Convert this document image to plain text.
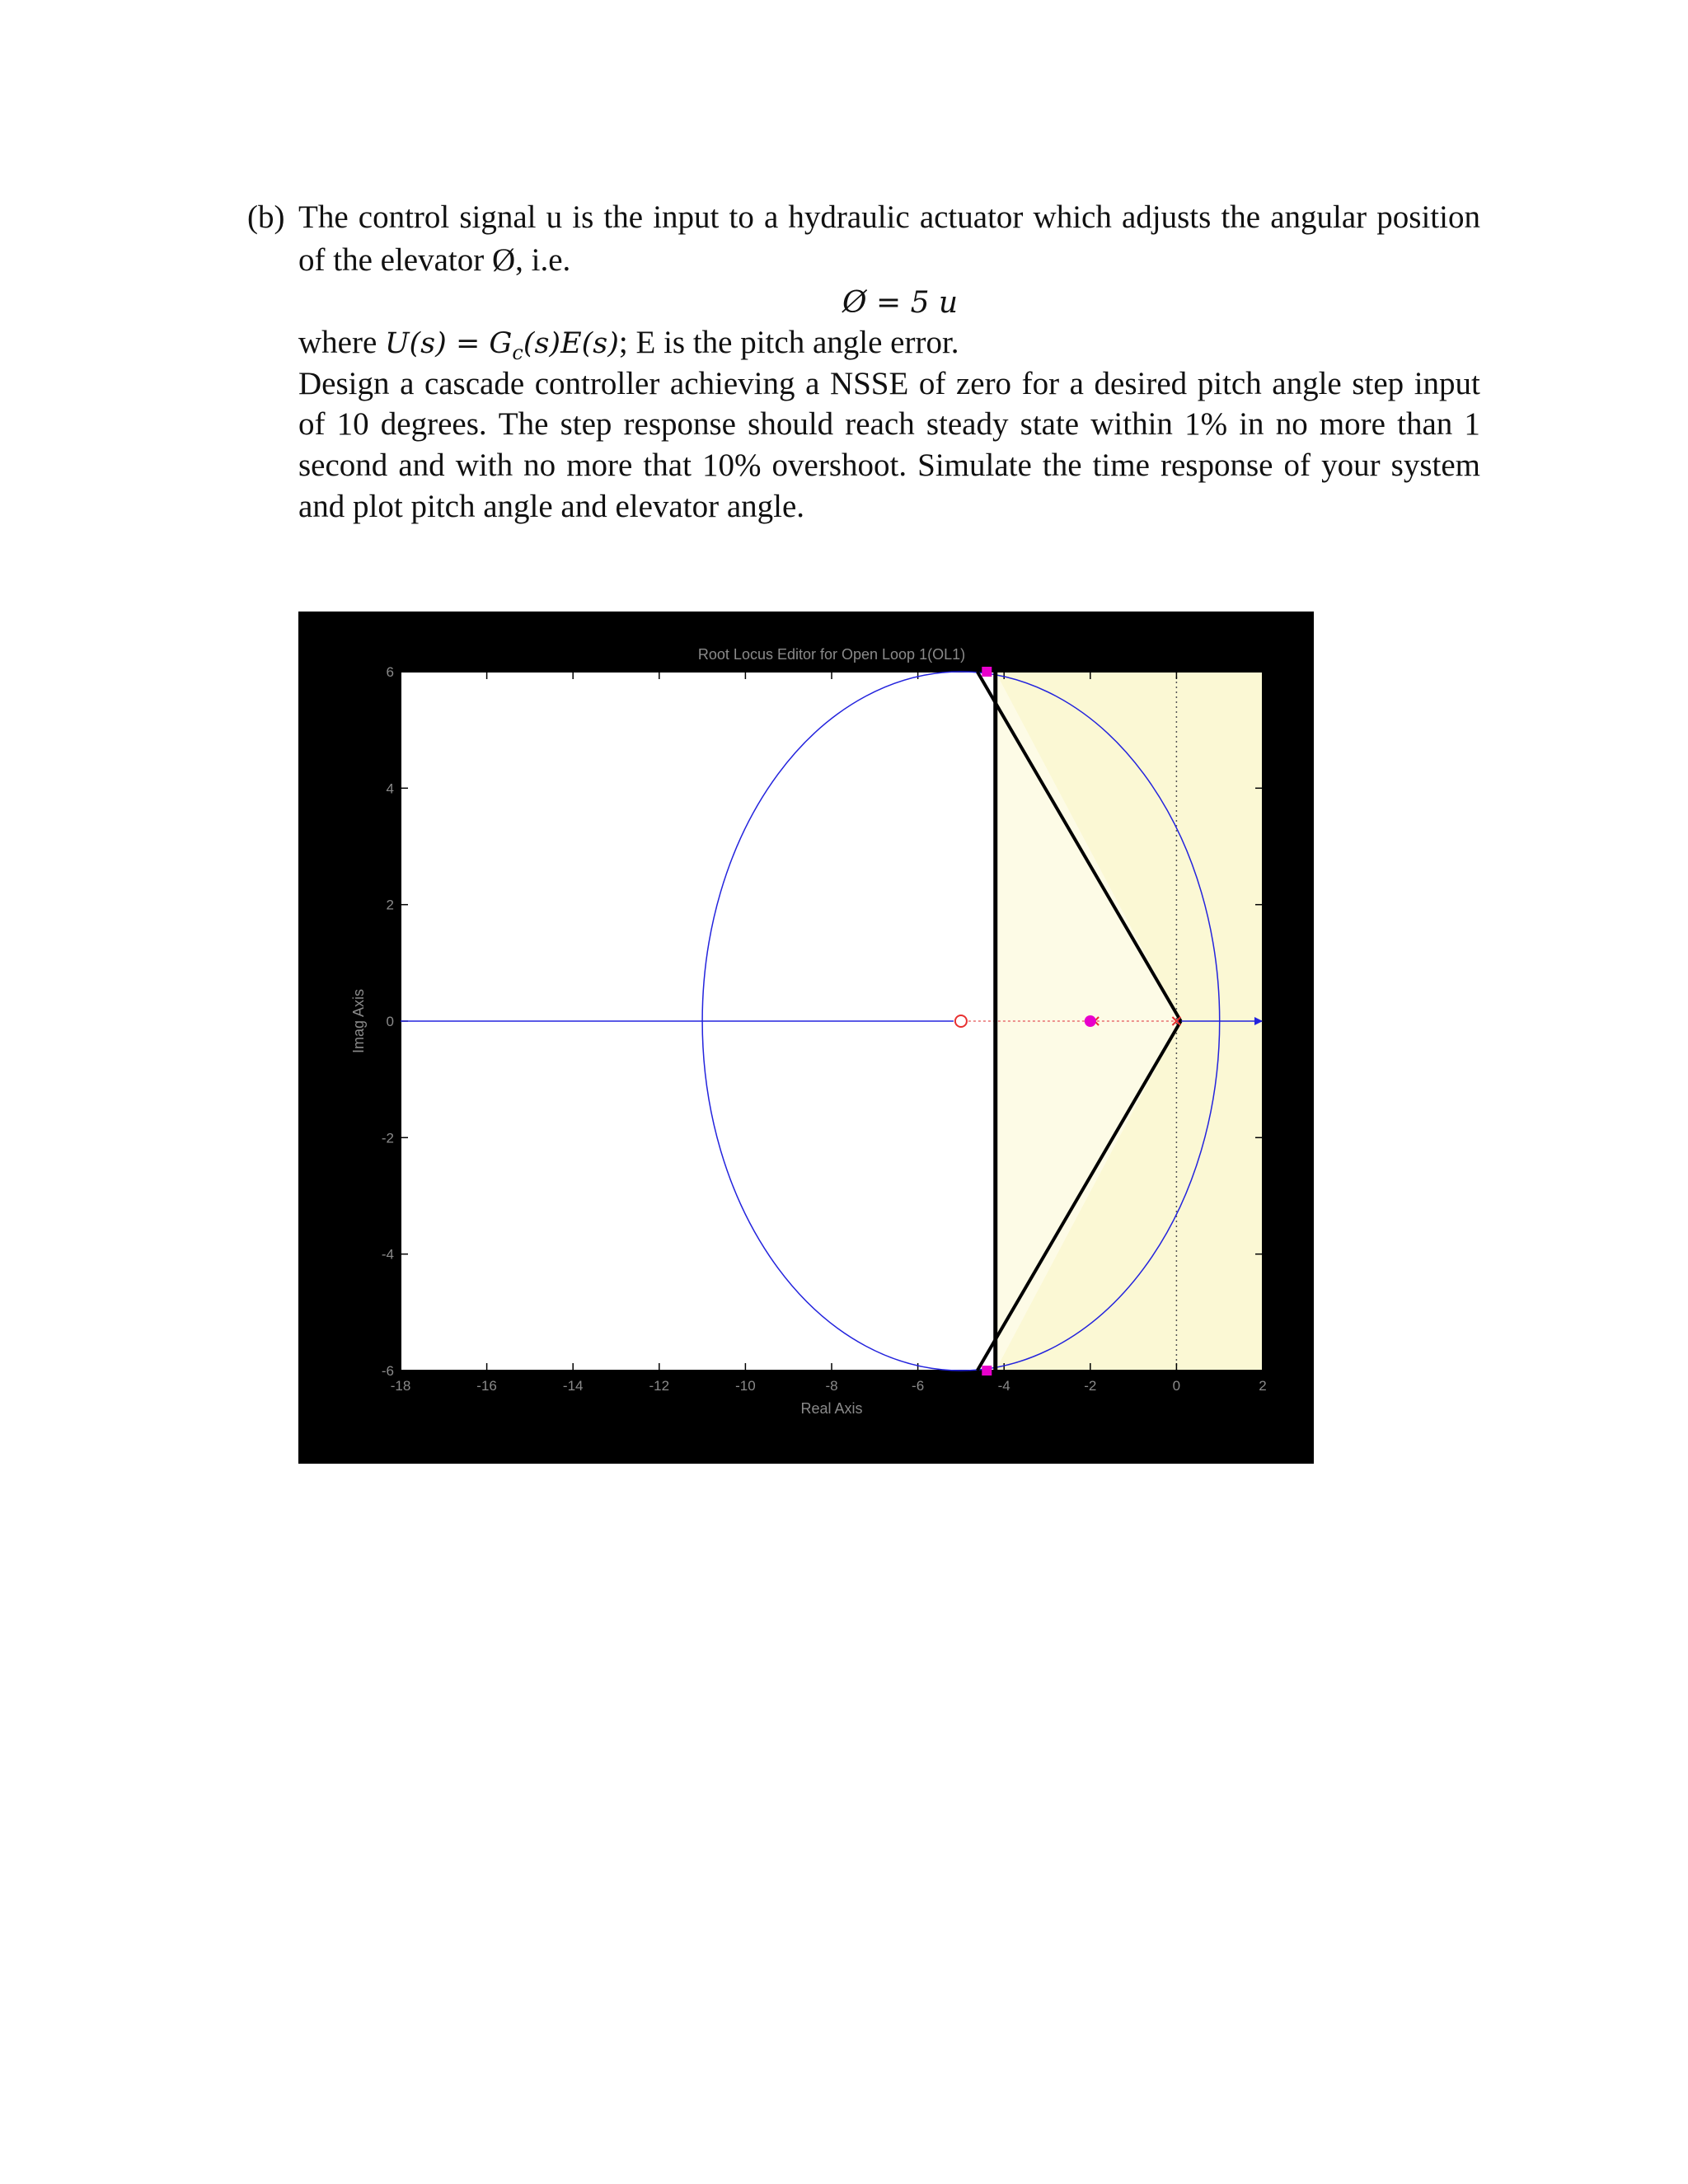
(b) The control signal u is the input to a hydraulic actuator which adjusts the angular position
of the elevator Ø, i.e.
Ø = 5 u
where $U(s) = G_c(s)E(s)$; E is the pitch angle error.
Design a cascade controller achieving a NSSE of zero for a desired pitch angle step input
of 10 degrees. The step response should reach steady state within 1% in no more than 1
second and with no more that 10% overshoot. Simulate the time response of your system
and plot pitch angle and elevator angle.
-18	-16	-14	-12	-10	-8	-6	-4	-2	0	2
6
4
2
0
-2
-4
-6
Root Locus Editor for Open Loop 1(OL1)
Real Axis
Imag Axis
